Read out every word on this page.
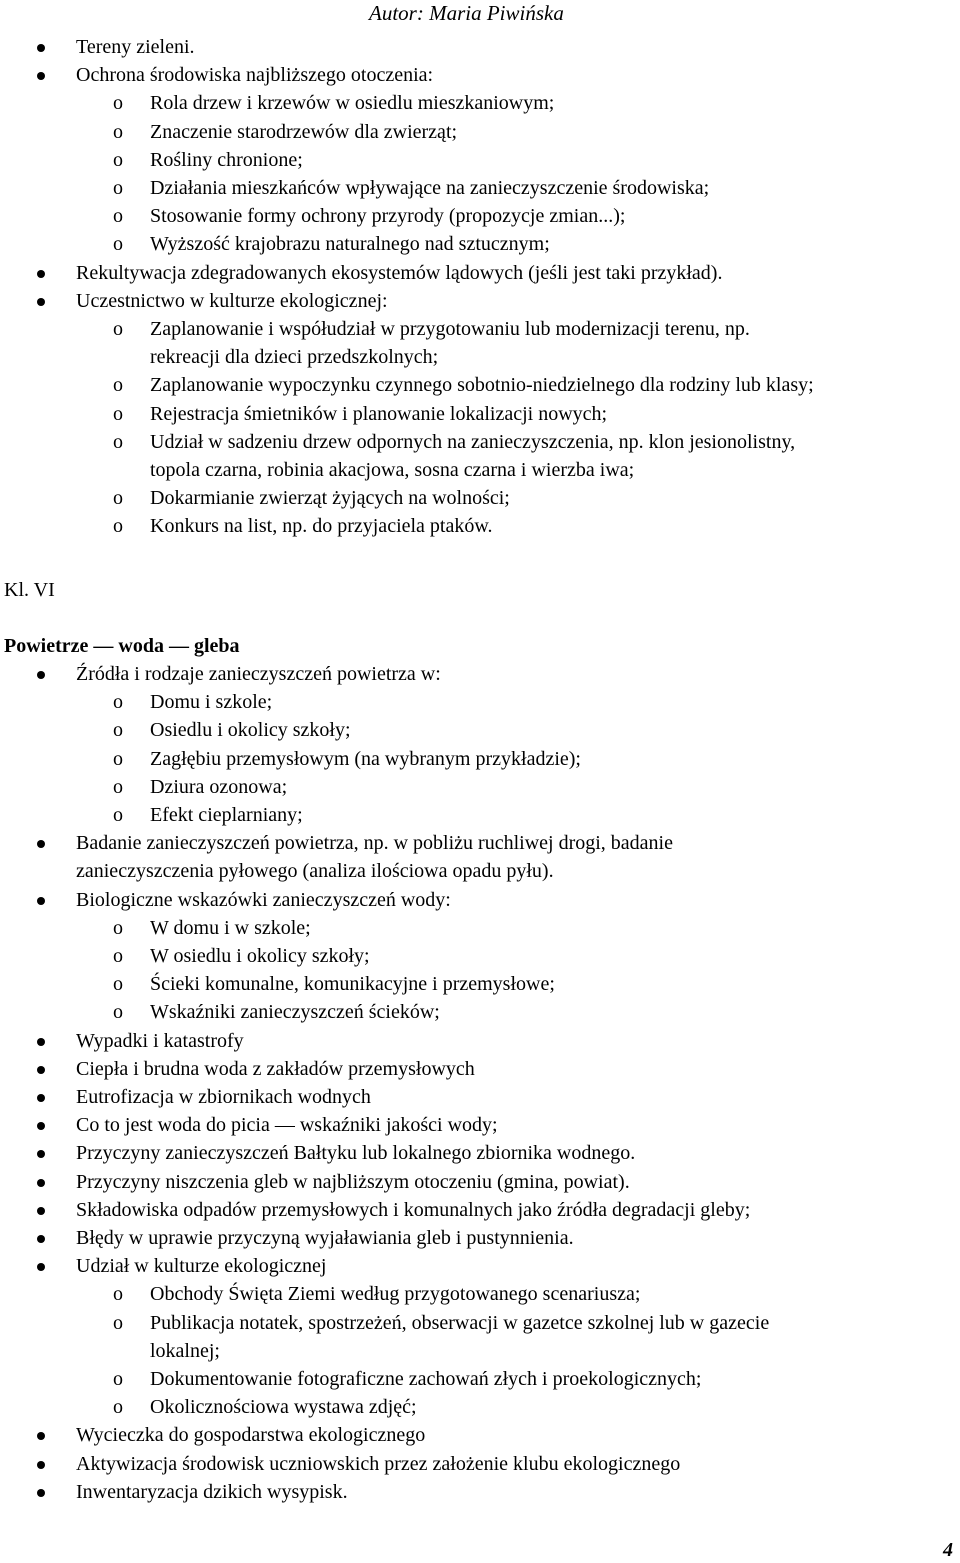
Autor: Maria Piwińska
Tereny zieleni.
Ochrona środowiska najbliższego otoczenia:
o Rola drzew i krzewów w osiedlu mieszkaniowym;
o Znaczenie starodrzewów dla zwierząt;
o Rośliny chronione;
o Działania mieszkańców wpływające na zanieczyszczenie środowiska;
o Stosowanie formy ochrony przyrody (propozycje zmian...);
o Wyższość krajobrazu naturalnego nad sztucznym;
Rekultywacja zdegradowanych ekosystemów lądowych (jeśli jest taki przykład).
Uczestnictwo w kulturze ekologicznej:
o Zaplanowanie i współudział w przygotowaniu lub modernizacji terenu, np.
rekreacji dla dzieci przedszkolnych;
o Zaplanowanie wypoczynku czynnego sobotnio-niedzielnego dla rodziny lub klasy;
o Rejestracja śmietników i planowanie lokalizacji nowych;
o Udział w sadzeniu drzew odpornych na zanieczyszczenia, np. klon jesionolistny,
topola czarna, robinia akacjowa, sosna czarna i wierzba iwa;
o Dokarmianie zwierząt żyjących na wolności;
o Konkurs na list, np. do przyjaciela ptaków.
Kl. VI
Powietrze — woda — gleba
Źródła i rodzaje zanieczyszczeń powietrza w:
o Domu i szkole;
o Osiedlu i okolicy szkoły;
o Zagłębiu przemysłowym (na wybranym przykładzie);
o Dziura ozonowa;
o Efekt cieplarniany;
Badanie zanieczyszczeń powietrza, np. w pobliżu ruchliwej drogi, badanie
zanieczyszczenia pyłowego (analiza ilościowa opadu pyłu).
Biologiczne wskazówki zanieczyszczeń wody:
o W domu i w szkole;
o W osiedlu i okolicy szkoły;
o Ścieki komunalne, komunikacyjne i przemysłowe;
o Wskaźniki zanieczyszczeń ścieków;
Wypadki i katastrofy
Ciepła i brudna woda z zakładów przemysłowych
Eutrofizacja w zbiornikach wodnych
Co to jest woda do picia — wskaźniki jakości wody;
Przyczyny zanieczyszczeń Bałtyku lub lokalnego zbiornika wodnego.
Przyczyny niszczenia gleb w najbliższym otoczeniu (gmina, powiat).
Składowiska odpadów przemysłowych i komunalnych jako źródła degradacji gleby;
Błędy w uprawie przyczyną wyjaławiania gleb i pustynnienia.
Udział w kulturze ekologicznej
o Obchody Święta Ziemi według przygotowanego scenariusza;
o Publikacja notatek, spostrzeżeń, obserwacji w gazetce szkolnej lub w gazecie
lokalnej;
o Dokumentowanie fotograficzne zachowań złych i proekologicznych;
o Okolicznościowa wystawa zdjęć;
Wycieczka do gospodarstwa ekologicznego
Aktywizacja środowisk uczniowskich przez założenie klubu ekologicznego
Inwentaryzacja dzikich wysypisk.
4
